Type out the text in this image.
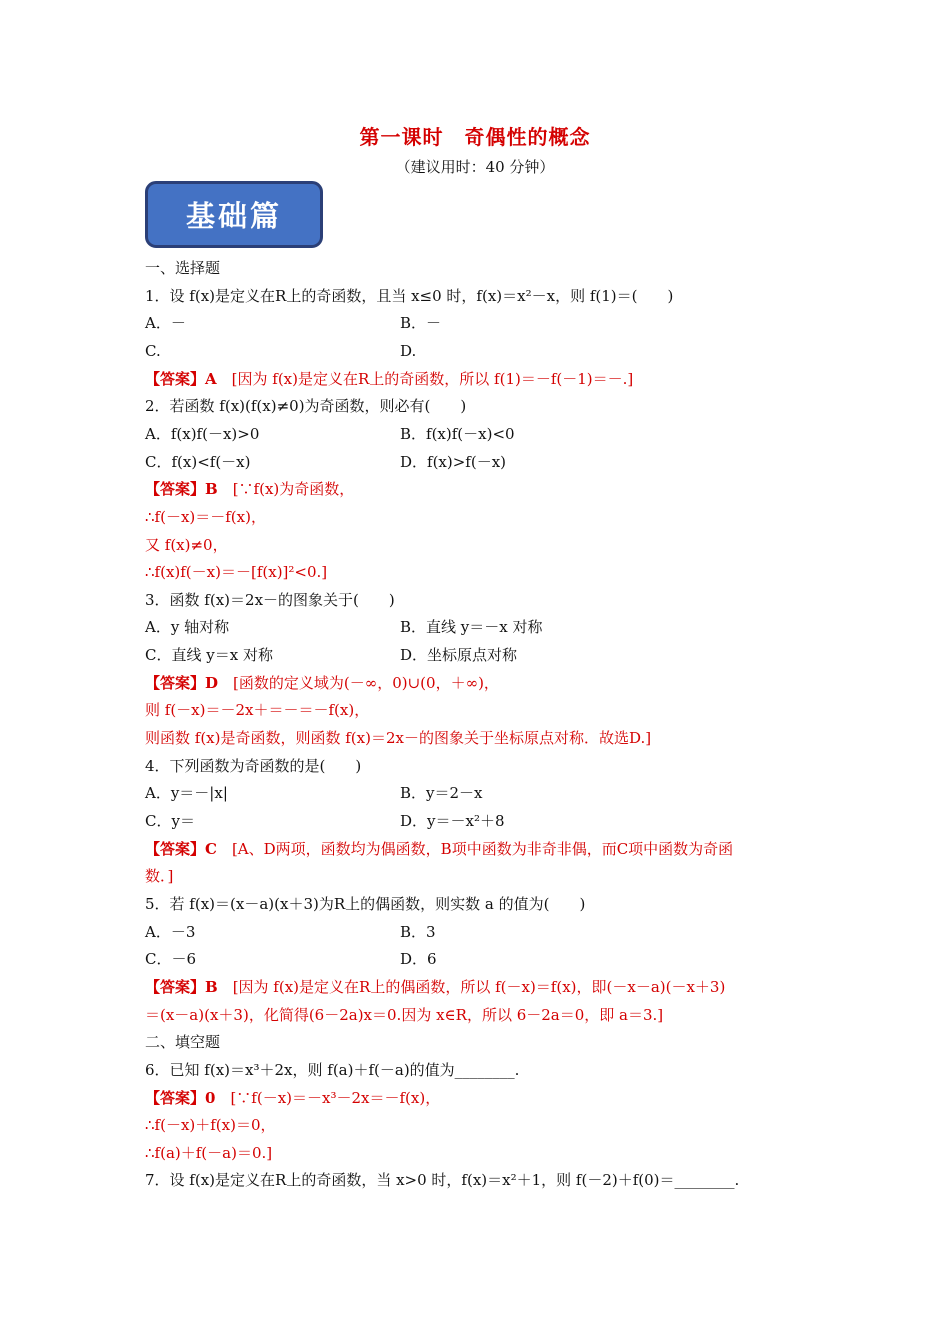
第一课时　奇偶性的概念
（建议用时：40 分钟）
基础篇
一、选择题
1．设 f(x)是定义在R上的奇函数，且当 x≤0 时，f(x)＝x²－x，则 f(1)＝(　　)
A．－	B．－
C.	D.
【答案】A　[因为 f(x)是定义在R上的奇函数，所以 f(1)＝－f(－1)＝－.]
2．若函数 f(x)(f(x)≠0)为奇函数，则必有(　　)
A．f(x)f(－x)>0	B．f(x)f(－x)<0
C．f(x)<f(－x)	D．f(x)>f(－x)
【答案】B　[∵f(x)为奇函数，
∴f(－x)＝－f(x)，
又 f(x)≠0，
∴f(x)f(－x)＝－[f(x)]²<0.]
3．函数 f(x)＝2x－的图象关于(　　)
A．y 轴对称	B．直线 y＝－x 对称
C．直线 y＝x 对称	D．坐标原点对称
【答案】D　[函数的定义域为(－∞，0)∪(0，＋∞)，
则 f(－x)＝－2x＋＝－＝－f(x)，
则函数 f(x)是奇函数，则函数 f(x)＝2x－的图象关于坐标原点对称．故选D.]
4．下列函数为奇函数的是(　　)
A．y＝－|x|	B．y＝2－x
C．y＝	D．y＝－x²＋8
【答案】C　[A、D两项，函数均为偶函数，B项中函数为非奇非偶，而C项中函数为奇函
数．]
5．若 f(x)＝(x－a)(x＋3)为R上的偶函数，则实数 a 的值为(　　)
A．－3	B．3
C．－6	D．6
【答案】B　[因为 f(x)是定义在R上的偶函数，所以 f(－x)＝f(x)，即(－x－a)(－x＋3)
＝(x－a)(x＋3)，化简得(6－2a)x＝0.因为 x∈R，所以 6－2a＝0，即 a＝3.]
二、填空题
6．已知 f(x)＝x³＋2x，则 f(a)＋f(－a)的值为________.
【答案】0　[∵f(－x)＝－x³－2x＝－f(x)，
∴f(－x)＋f(x)＝0，
∴f(a)＋f(－a)＝0.]
7．设 f(x)是定义在R上的奇函数，当 x>0 时，f(x)＝x²＋1，则 f(－2)＋f(0)＝________.
